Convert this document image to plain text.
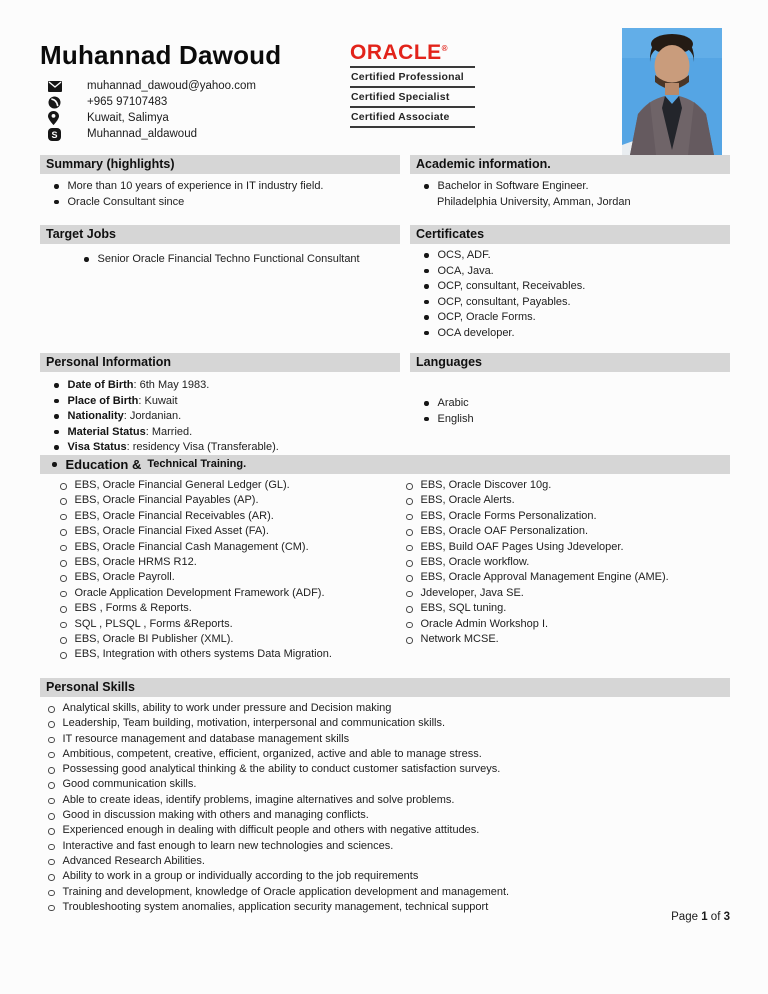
Muhannad Dawoud
muhannad_dawoud@yahoo.com
+965 97107483
Kuwait, Salimya
S	Muhannad_aldawoud
ORACLE®
Certified Professional
Certified Specialist
Certified Associate
Summary (highlights)
More than 10 years of experience in IT industry field.
Oracle Consultant since
Academic information.
Bachelor in Software Engineer.
Philadelphia University, Amman, Jordan
Target Jobs
Senior Oracle Financial Techno Functional Consultant
Certificates
OCS, ADF.
OCA, Java.
OCP, consultant, Receivables.
OCP, consultant, Payables.
OCP, Oracle Forms.
OCA developer.
Personal Information
Date of Birth: 6th May 1983.
Place of Birth: Kuwait
Nationality: Jordanian.
Material Status: Married.
Visa Status: residency Visa (Transferable).
Languages
Arabic
English
Education & Technical Training.
EBS, Oracle Financial General Ledger (GL).
EBS, Oracle Financial Payables (AP).
EBS, Oracle Financial Receivables (AR).
EBS, Oracle Financial Fixed Asset (FA).
EBS, Oracle Financial Cash Management (CM).
EBS, Oracle HRMS R12.
EBS, Oracle Payroll.
Oracle Application Development Framework (ADF).
EBS , Forms & Reports.
SQL , PLSQL , Forms &Reports.
EBS, Oracle BI Publisher (XML).
EBS, Integration with others systems Data Migration.
EBS, Oracle Discover 10g.
EBS, Oracle Alerts.
EBS, Oracle Forms Personalization.
EBS, Oracle OAF Personalization.
EBS, Build OAF Pages Using Jdeveloper.
EBS, Oracle workflow.
EBS, Oracle Approval Management Engine (AME).
Jdeveloper, Java SE.
EBS, SQL tuning.
Oracle Admin Workshop I.
Network MCSE.
Personal Skills
Analytical skills, ability to work under pressure and Decision making
Leadership, Team building, motivation, interpersonal and communication skills.
IT resource management and database management skills
Ambitious, competent, creative, efficient, organized, active and able to manage stress.
Possessing good analytical thinking & the ability to conduct customer satisfaction surveys.
Good communication skills.
Able to create ideas, identify problems, imagine alternatives and solve problems.
Good in discussion making with others and managing conflicts.
Experienced enough in dealing with difficult people and others with negative attitudes.
Interactive and fast enough to learn new technologies and sciences.
Advanced Research Abilities.
Ability to work in a group or individually according to the job requirements
Training and development, knowledge of Oracle application development and management.
Troubleshooting system anomalies, application security management, technical support
Page 1 of 3
